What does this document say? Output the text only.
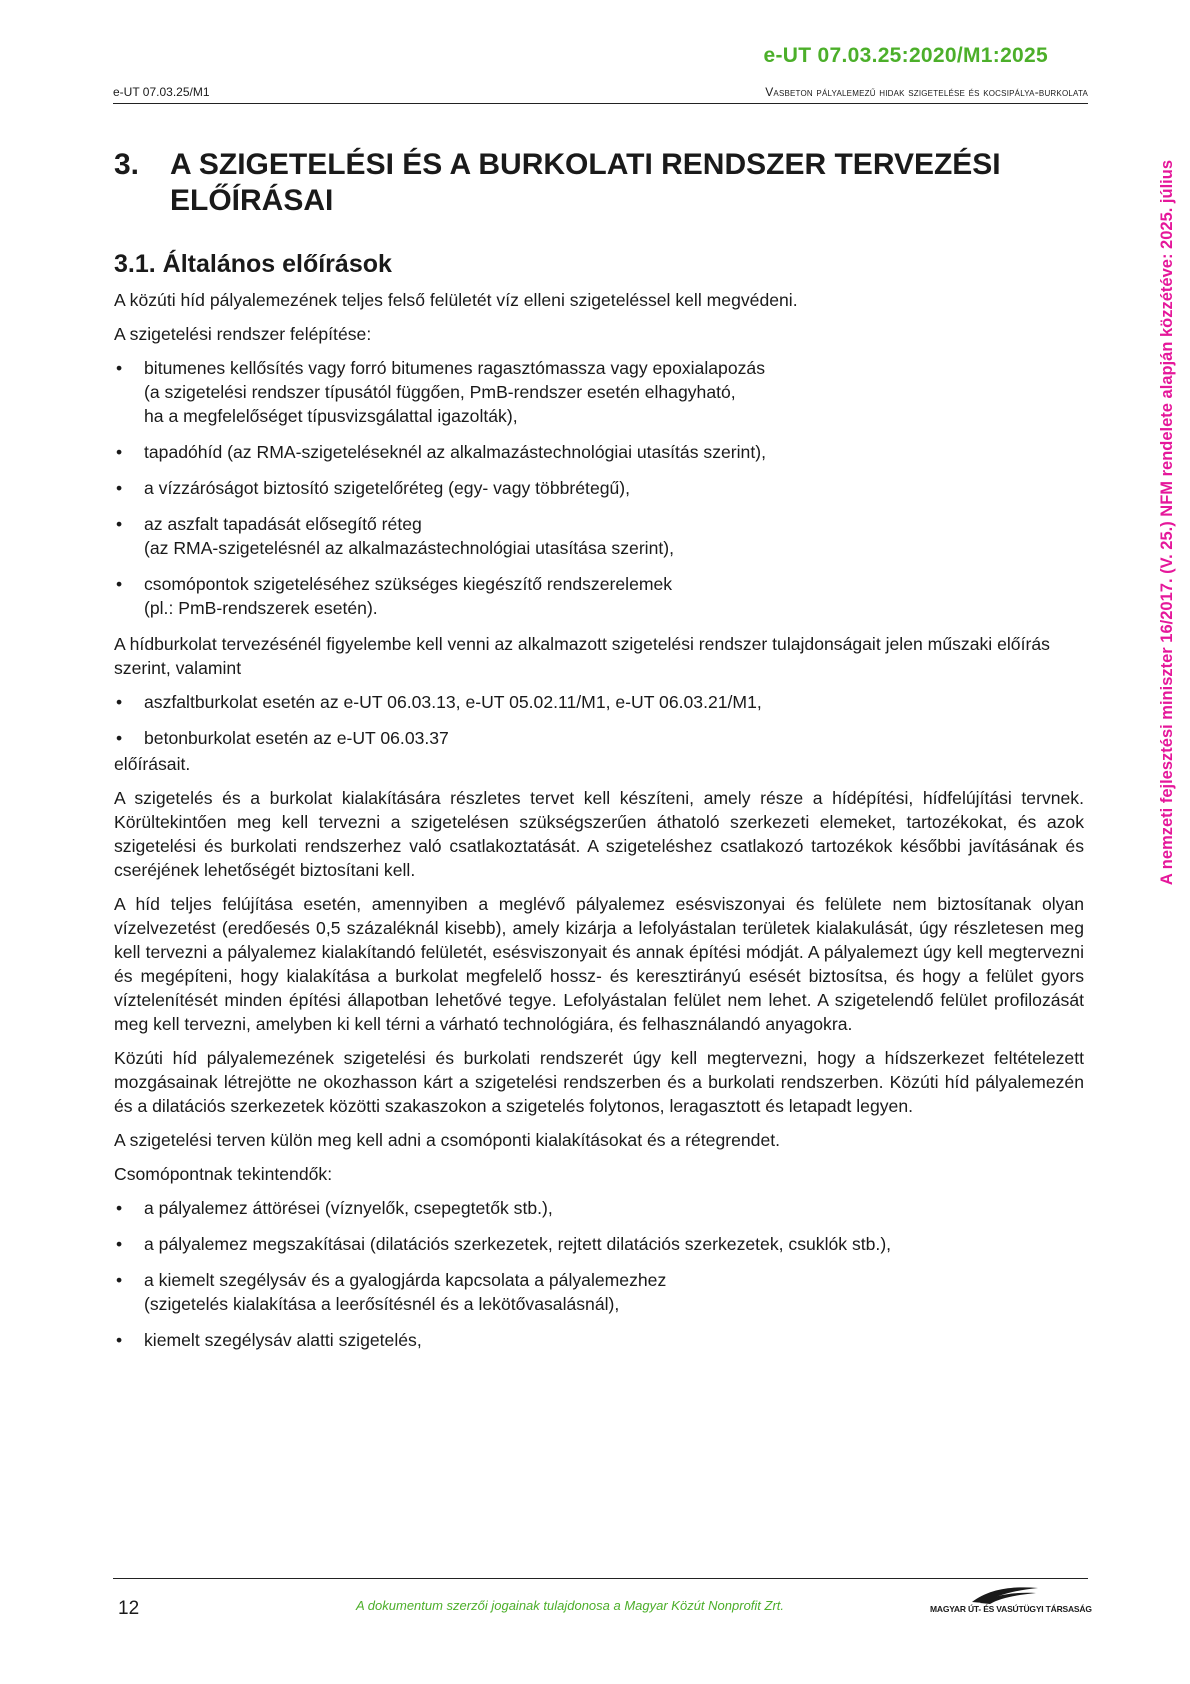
e-UT 07.03.25:2020/M1:2025
e-UT 07.03.25/M1	Vasbeton pályalemezű hidak szigetelése és kocsipálya-burkolata
A nemzeti fejlesztési miniszter 16/2017. (V. 25.) NFM rendelete alapján közzétéve: 2025. július
3.	A SZIGETELÉSI ÉS A BURKOLATI RENDSZER TERVEZÉSI ELŐÍRÁSAI
3.1. Általános előírások

A közúti híd pályalemezének teljes felső felületét víz elleni szigeteléssel kell megvédeni.

A szigetelési rendszer felépítése:

• bitumenes kellősítés vagy forró bitumenes ragasztómassza vagy epoxialapozás
(a szigetelési rendszer típusától függően, PmB-rendszer esetén elhagyható,
ha a megfelelőséget típusvizsgálattal igazolták),
• tapadóhíd (az RMA-szigeteléseknél az alkalmazástechnológiai utasítás szerint),
• a vízzáróságot biztosító szigetelőréteg (egy- vagy többrétegű),
• az aszfalt tapadását elősegítő réteg
(az RMA-szigetelésnél az alkalmazástechnológiai utasítása szerint),
• csomópontok szigeteléséhez szükséges kiegészítő rendszerelemek
(pl.: PmB-rendszerek esetén).

A hídburkolat tervezésénél figyelembe kell venni az alkalmazott szigetelési rendszer tulajdonságait jelen műszaki előírás szerint, valamint

• aszfaltburkolat esetén az e-UT 06.03.13, e-UT 05.02.11/M1, e-UT 06.03.21/M1,
• betonburkolat esetén az e-UT 06.03.37

előírásait.

A szigetelés és a burkolat kialakítására részletes tervet kell készíteni, amely része a hídépítési, hídfelújítási tervnek. Körültekintően meg kell tervezni a szigetelésen szükségszerűen áthatoló szerkezeti elemeket, tartozékokat, és azok szigetelési és burkolati rendszerhez való csatlakoztatását. A szigeteléshez csatlakozó tartozékok későbbi javításának és cseréjének lehetőségét biztosítani kell.

A híd teljes felújítása esetén, amennyiben a meglévő pályalemez esésviszonyai és felülete nem biztosítanak olyan vízelvezetést (eredőesés 0,5 százaléknál kisebb), amely kizárja a lefolyástalan területek kialakulását, úgy részletesen meg kell tervezni a pályalemez kialakítandó felületét, esésviszonyait és annak építési módját. A pályalemezt úgy kell megtervezni és megépíteni, hogy kialakítása a burkolat megfelelő hossz- és keresztirányú esését biztosítsa, és hogy a felület gyors víztelenítését minden építési állapotban lehetővé tegye. Lefolyástalan felület nem lehet. A szigetelendő felület profilozását meg kell tervezni, amelyben ki kell térni a várható technológiára, és felhasználandó anyagokra.

Közúti híd pályalemezének szigetelési és burkolati rendszerét úgy kell megtervezni, hogy a hídszerkezet feltételezett mozgásainak létrejötte ne okozhasson kárt a szigetelési rendszerben és a burkolati rendszerben. Közúti híd pályalemezén és a dilatációs szerkezetek közötti szakaszokon a szigetelés folytonos, leragasztott és letapadt legyen.

A szigetelési terven külön meg kell adni a csomóponti kialakításokat és a rétegrendet.

Csomópontnak tekintendők:

• a pályalemez áttörései (víznyelők, csepegtetők stb.),
• a pályalemez megszakításai (dilatációs szerkezetek, rejtett dilatációs szerkezetek, csuklók stb.),
• a kiemelt szegélysáv és a gyalogjárda kapcsolata a pályalemezhez
(szigetelés kialakítása a leerősítésnél és a lekötővasalásnál),
• kiemelt szegélysáv alatti szigetelés,
12	A dokumentum szerzői jogainak tulajdonosa a Magyar Közút Nonprofit Zrt.	MAGYAR ÚT- ÉS VASÚTÜGYI TÁRSASÁG
